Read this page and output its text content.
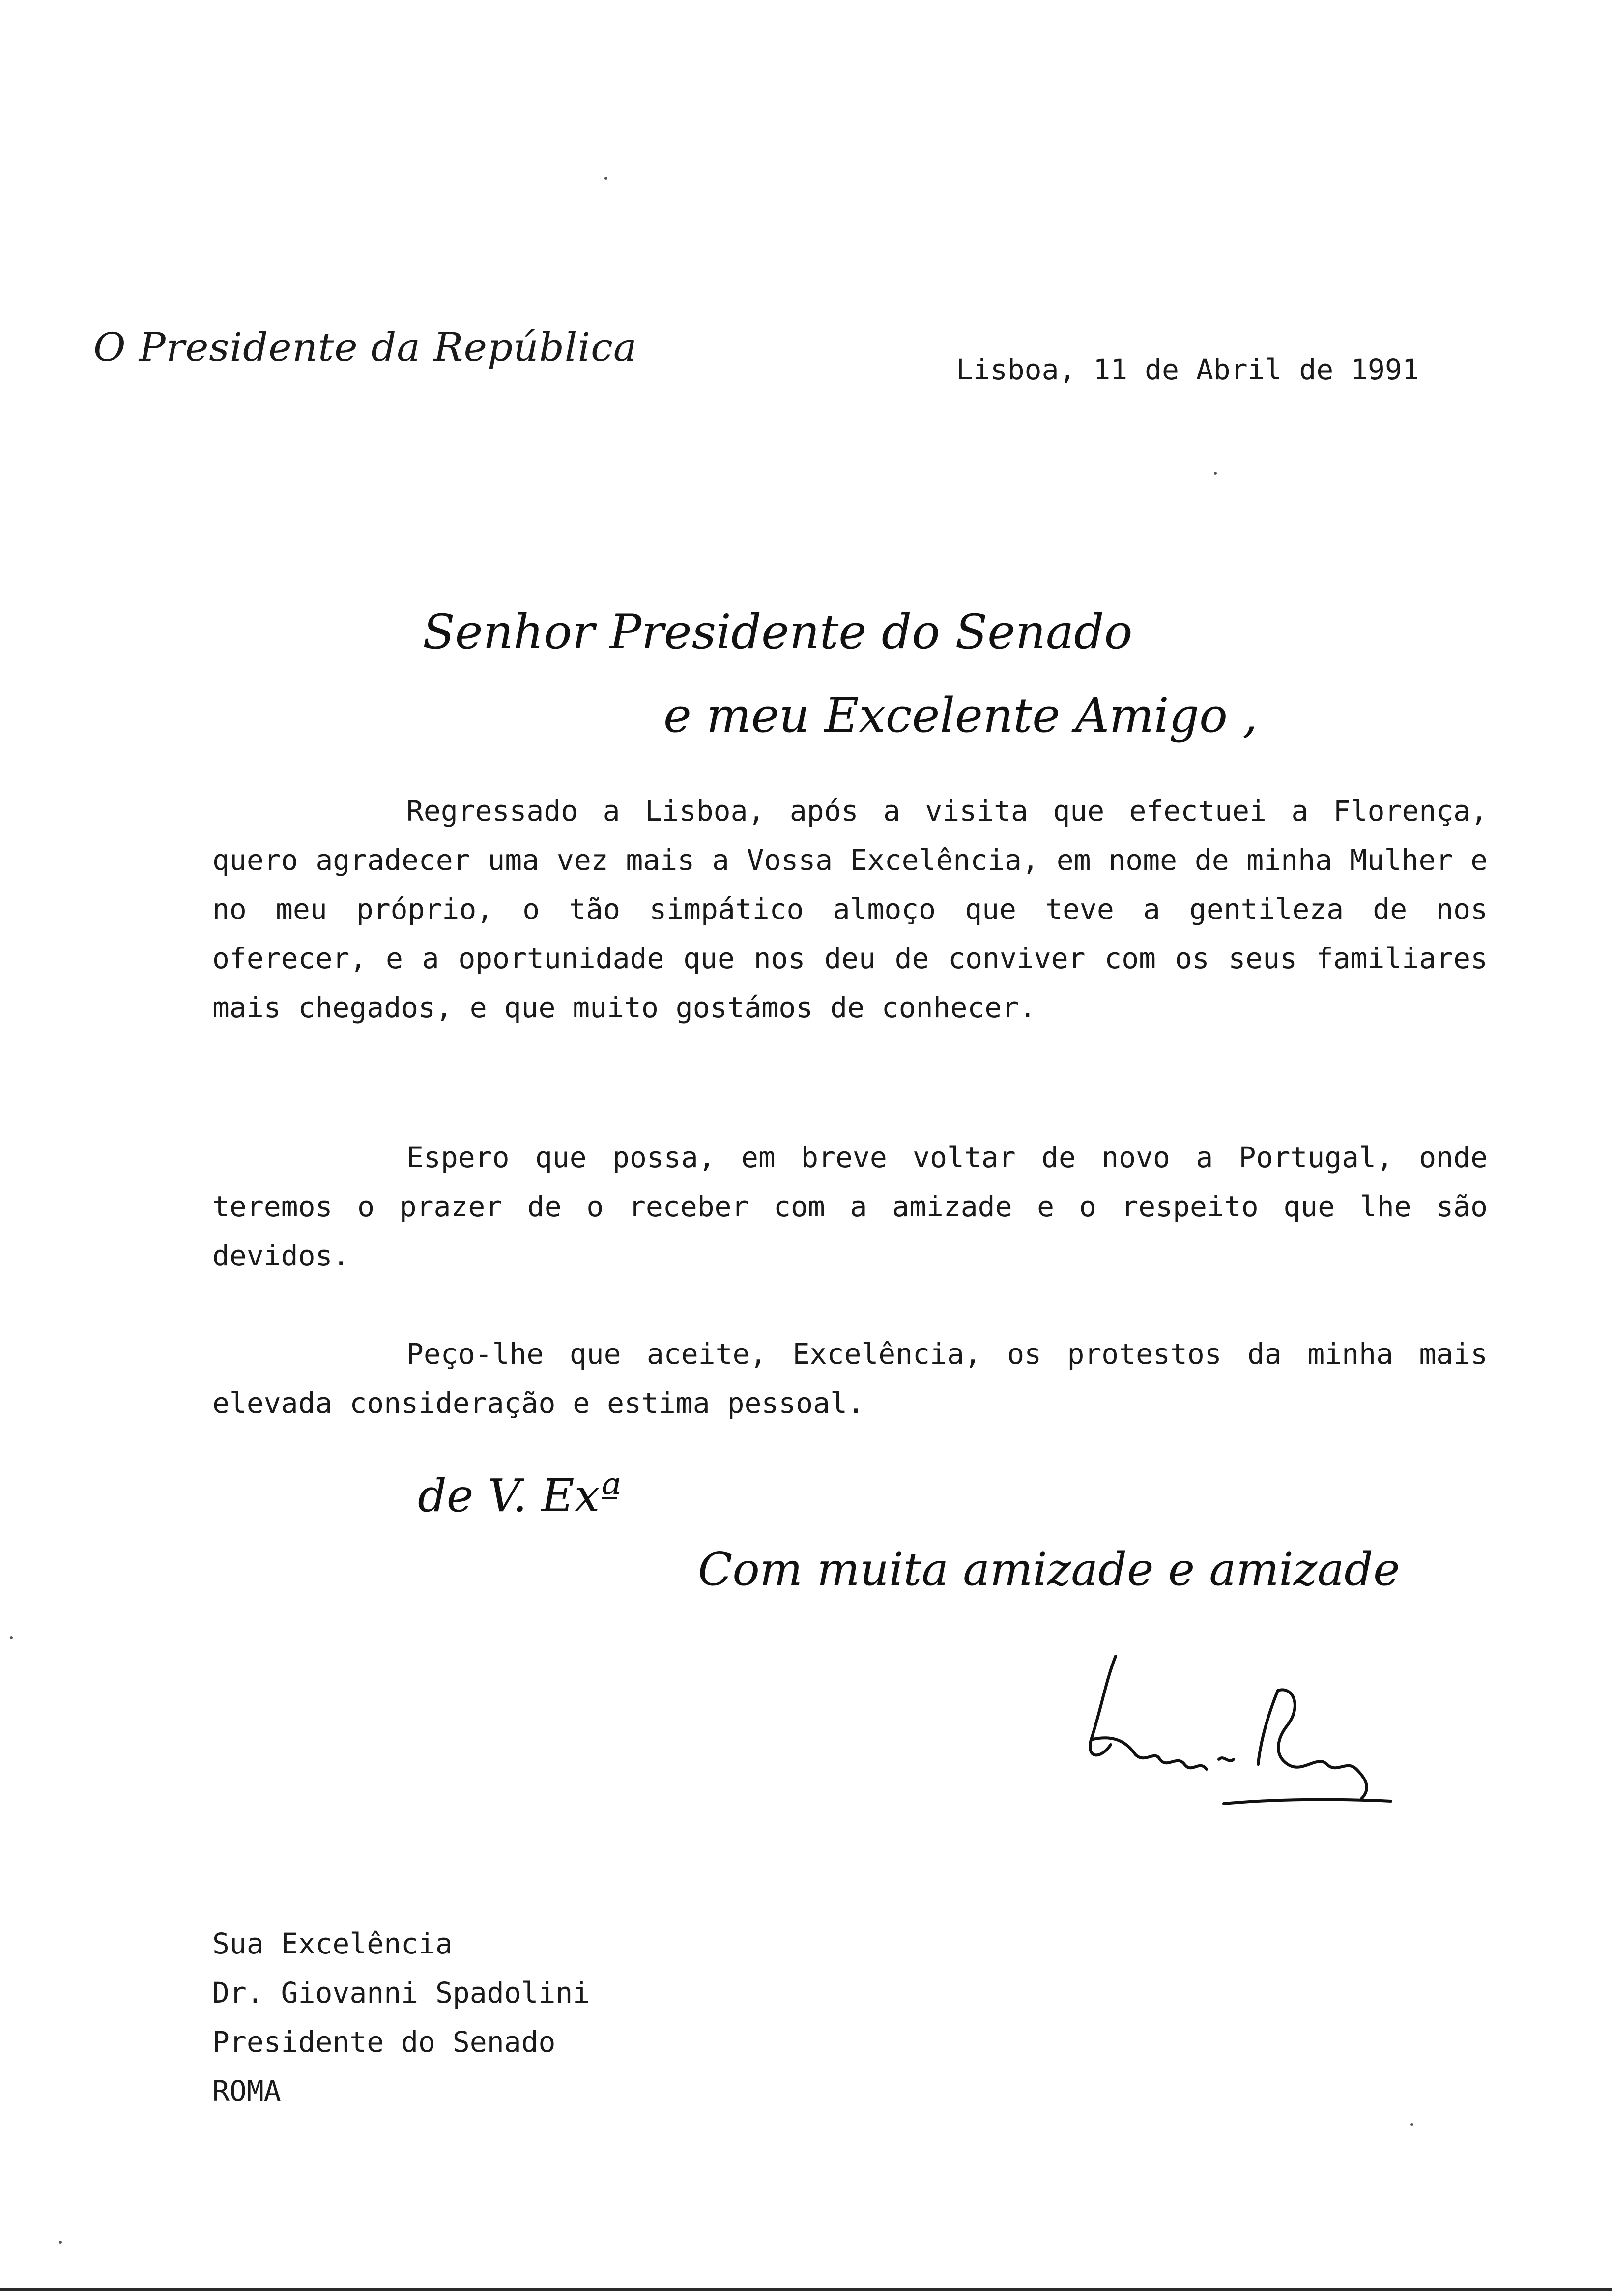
O Presidente da República	Lisboa, 11 de Abril de 1991
Senhor Presidente do Senado
e meu Excelente Amigo ,
Regressado a Lisboa, após a visita que efectuei a Florença, quero agradecer uma vez mais a Vossa Excelência, em nome de minha Mulher e no meu próprio, o tão simpático almoço que teve a gentileza de nos oferecer, e a oportunidade que nos deu de conviver com os seus familiares mais chegados, e que muito gostámos de conhecer.
Espero que possa, em breve voltar de novo a Portugal, onde teremos o prazer de o receber com a amizade e o respeito que lhe são devidos.
Peço-lhe que aceite, Excelência, os protestos da minha mais elevada consideração e estima pessoal.
de V. Exª
Com muita amizade e amizade
Sua Excelência
Dr. Giovanni Spadolini
Presidente do Senado
ROMA
